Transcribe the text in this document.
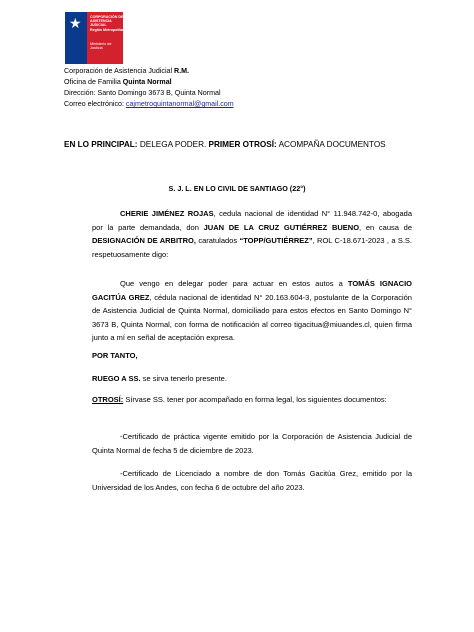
★ CORPORACIÓN DE
ASISTENCIA
JUDICIAL
Región Metropolitana
Ministerio de
Justicia
Corporación de Asistencia Judicial R.M.
Oficina de Familia Quinta Normal
Dirección: Santo Domingo 3673 B, Quinta Normal
Correo electrónico: cajmetroquintanormal@gmail.com
EN LO PRINCIPAL: DELEGA PODER. PRIMER OTROSÍ: ACOMPAÑA DOCUMENTOS
S. J. L. EN LO CIVIL DE SANTIAGO (22°)
CHERIE JIMÉNEZ ROJAS, cedula nacional de identidad N° 11.948.742-0, abogada por la parte demandada, don JUAN DE LA CRUZ GUTIÉRREZ BUENO, en causa de DESIGNACIÓN DE ARBITRO, caratulados “TOPP/GUTIÉRREZ”, ROL C-18.671-2023 , a S.S. respetuosamente digo:
Que vengo en delegar poder para actuar en estos autos a TOMÁS IGNACIO GACITÚA GREZ, cédula nacional de identidad N° 20.163.604-3, postulante de la Corporación de Asistencia Judicial de Quinta Normal, domiciliado para estos efectos en Santo Domingo N° 3673 B, Quinta Normal, con forma de notificación al correo tigacitua@miuandes.cl, quien firma junto a mí en señal de aceptación expresa.
POR TANTO,
RUEGO A SS. se sirva tenerlo presente.
OTROSÍ: Sírvase SS. tener por acompañado en forma legal, los siguientes documentos:
-Certificado de práctica vigente emitido por la Corporación de Asistencia Judicial de Quinta Normal de fecha 5 de diciembre de 2023.
-Certificado de Licenciado a nombre de don Tomás Gacitúa Grez, emitido por la Universidad de los Andes, con fecha 6 de octubre del año 2023.
